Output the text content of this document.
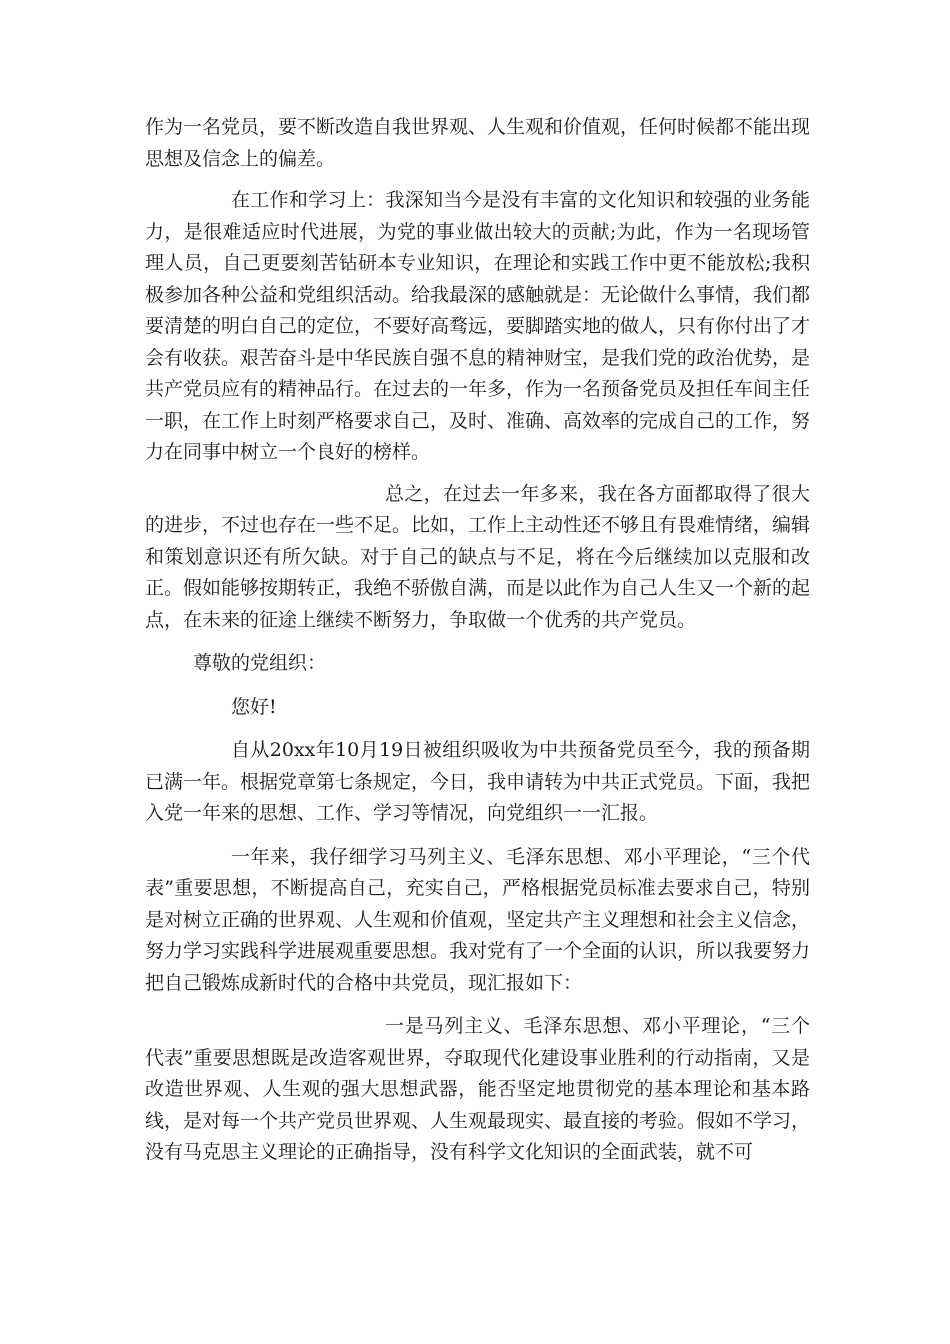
作为一名党员，要不断改造自我世界观、人生观和价值观，任何时候都不能出现思想及信念上的偏差。

在工作和学习上：我深知当今是没有丰富的文化知识和较强的业务能力，是很难适应时代进展，为党的事业做出较大的贡献;为此，作为一名现场管理人员，自己更要刻苦钻研本专业知识，在理论和实践工作中更不能放松;我积极参加各种公益和党组织活动。给我最深的感触就是：无论做什么事情，我们都要清楚的明白自己的定位，不要好高骛远，要脚踏实地的做人，只有你付出了才会有收获。艰苦奋斗是中华民族自强不息的精神财宝，是我们党的政治优势，是共产党员应有的精神品行。在过去的一年多，作为一名预备党员及担任车间主任一职，在工作上时刻严格要求自己，及时、准确、高效率的完成自己的工作，努力在同事中树立一个良好的榜样。

总之，在过去一年多来，我在各方面都取得了很大的进步，不过也存在一些不足。比如，工作上主动性还不够且有畏难情绪，编辑和策划意识还有所欠缺。对于自己的缺点与不足，将在今后继续加以克服和改正。假如能够按期转正，我绝不骄傲自满，而是以此作为自己人生又一个新的起点，在未来的征途上继续不断努力，争取做一个优秀的共产党员。

尊敬的党组织：

您好!

自从20xx年10月19日被组织吸收为中共预备党员至今，我的预备期已满一年。根据党章第七条规定，今日，我申请转为中共正式党员。下面，我把入党一年来的思想、工作、学习等情况，向党组织一一汇报。

一年来，我仔细学习马列主义、毛泽东思想、邓小平理论，“三个代表”重要思想，不断提高自己，充实自己，严格根据党员标准去要求自己，特别是对树立正确的世界观、人生观和价值观，坚定共产主义理想和社会主义信念，努力学习实践科学进展观重要思想。我对党有了一个全面的认识，所以我要努力把自己锻炼成新时代的合格中共党员，现汇报如下：

一是马列主义、毛泽东思想、邓小平理论，“三个代表”重要思想既是改造客观世界，夺取现代化建设事业胜利的行动指南，又是改造世界观、人生观的强大思想武器，能否坚定地贯彻党的基本理论和基本路线，是对每一个共产党员世界观、人生观最现实、最直接的考验。假如不学习，没有马克思主义理论的正确指导，没有科学文化知识的全面武装，就不可
